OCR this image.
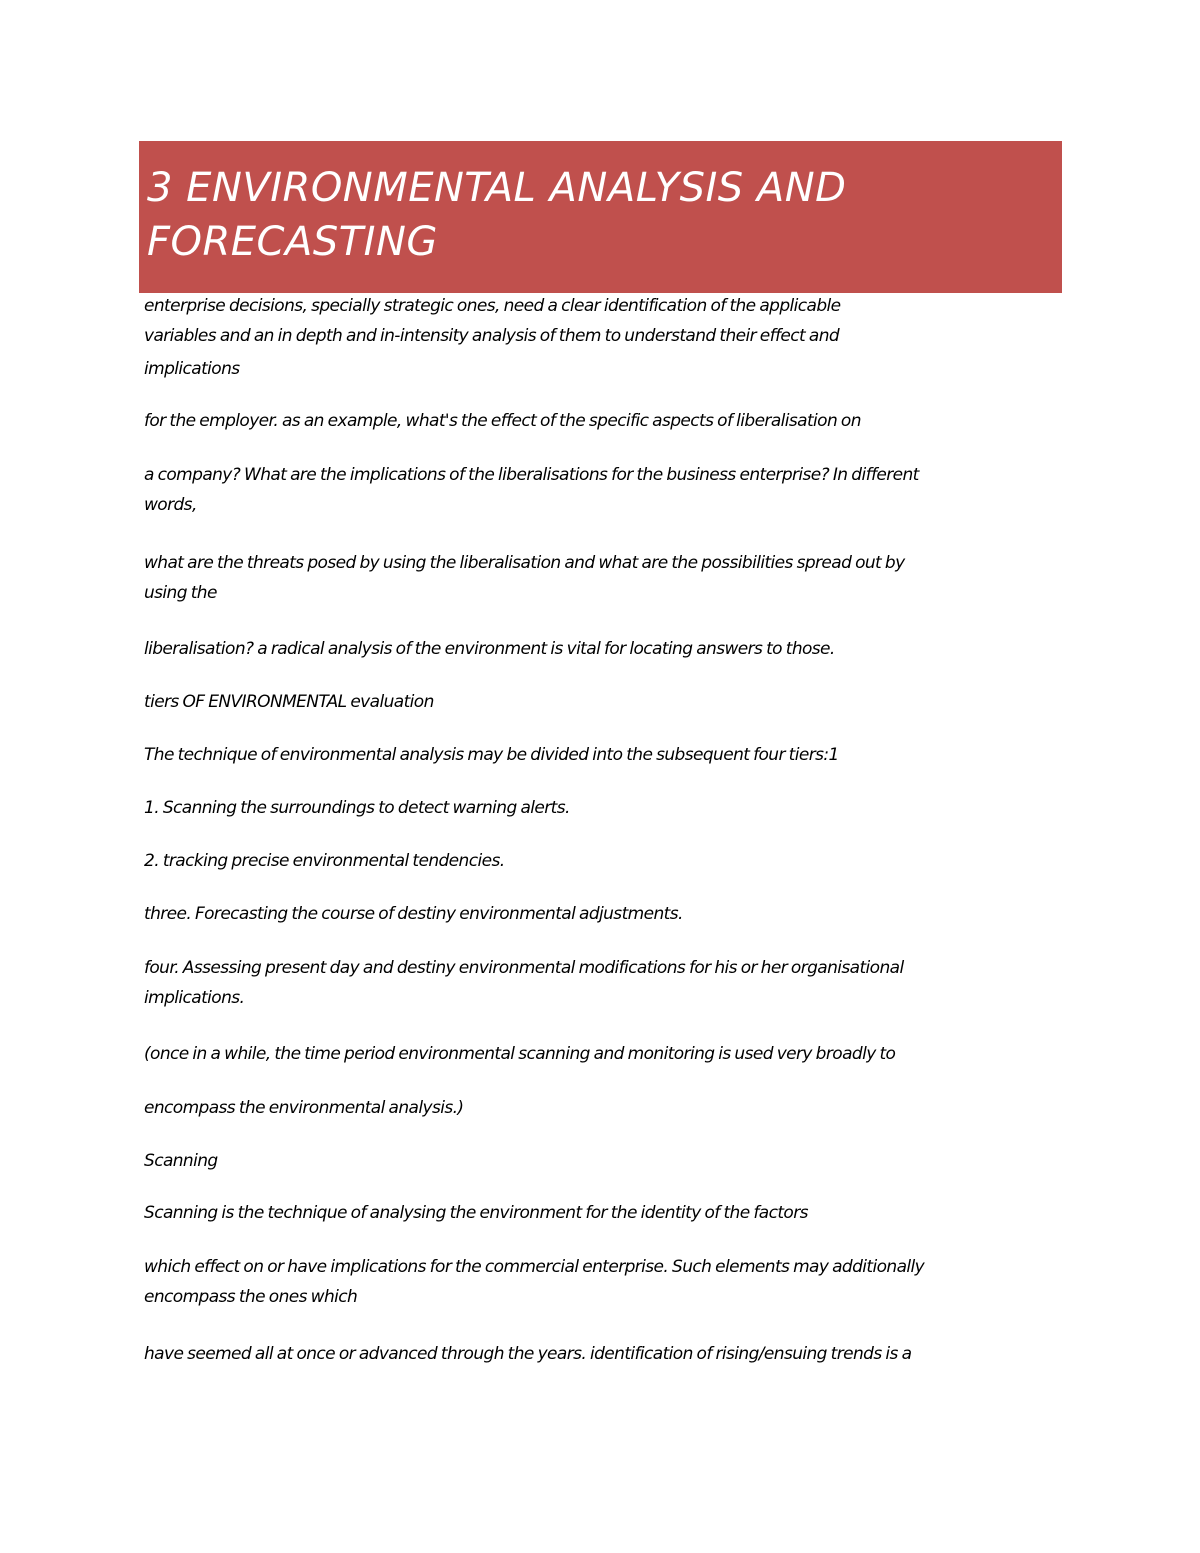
3 ENVIRONMENTAL ANALYSIS AND
FORECASTING

enterprise decisions, specially strategic ones, need a clear identification of the applicable
variables and an in depth and in-intensity analysis of them to understand their effect and
implications

for the employer. as an example, what's the effect of the specific aspects of liberalisation on

a company? What are the implications of the liberalisations for the business enterprise? In different
words,

what are the threats posed by using the liberalisation and what are the possibilities spread out by
using the

liberalisation? a radical analysis of the environment is vital for locating answers to those.

tiers OF ENVIRONMENTAL evaluation

The technique of environmental analysis may be divided into the subsequent four tiers:1

1. Scanning the surroundings to detect warning alerts.

2. tracking precise environmental tendencies.

three. Forecasting the course of destiny environmental adjustments.

four. Assessing present day and destiny environmental modifications for his or her organisational
implications.

(once in a while, the time period environmental scanning and monitoring is used very broadly to

encompass the environmental analysis.)

Scanning

Scanning is the technique of analysing the environment for the identity of the factors

which effect on or have implications for the commercial enterprise. Such elements may additionally
encompass the ones which

have seemed all at once or advanced through the years. identification of rising/ensuing trends is a
